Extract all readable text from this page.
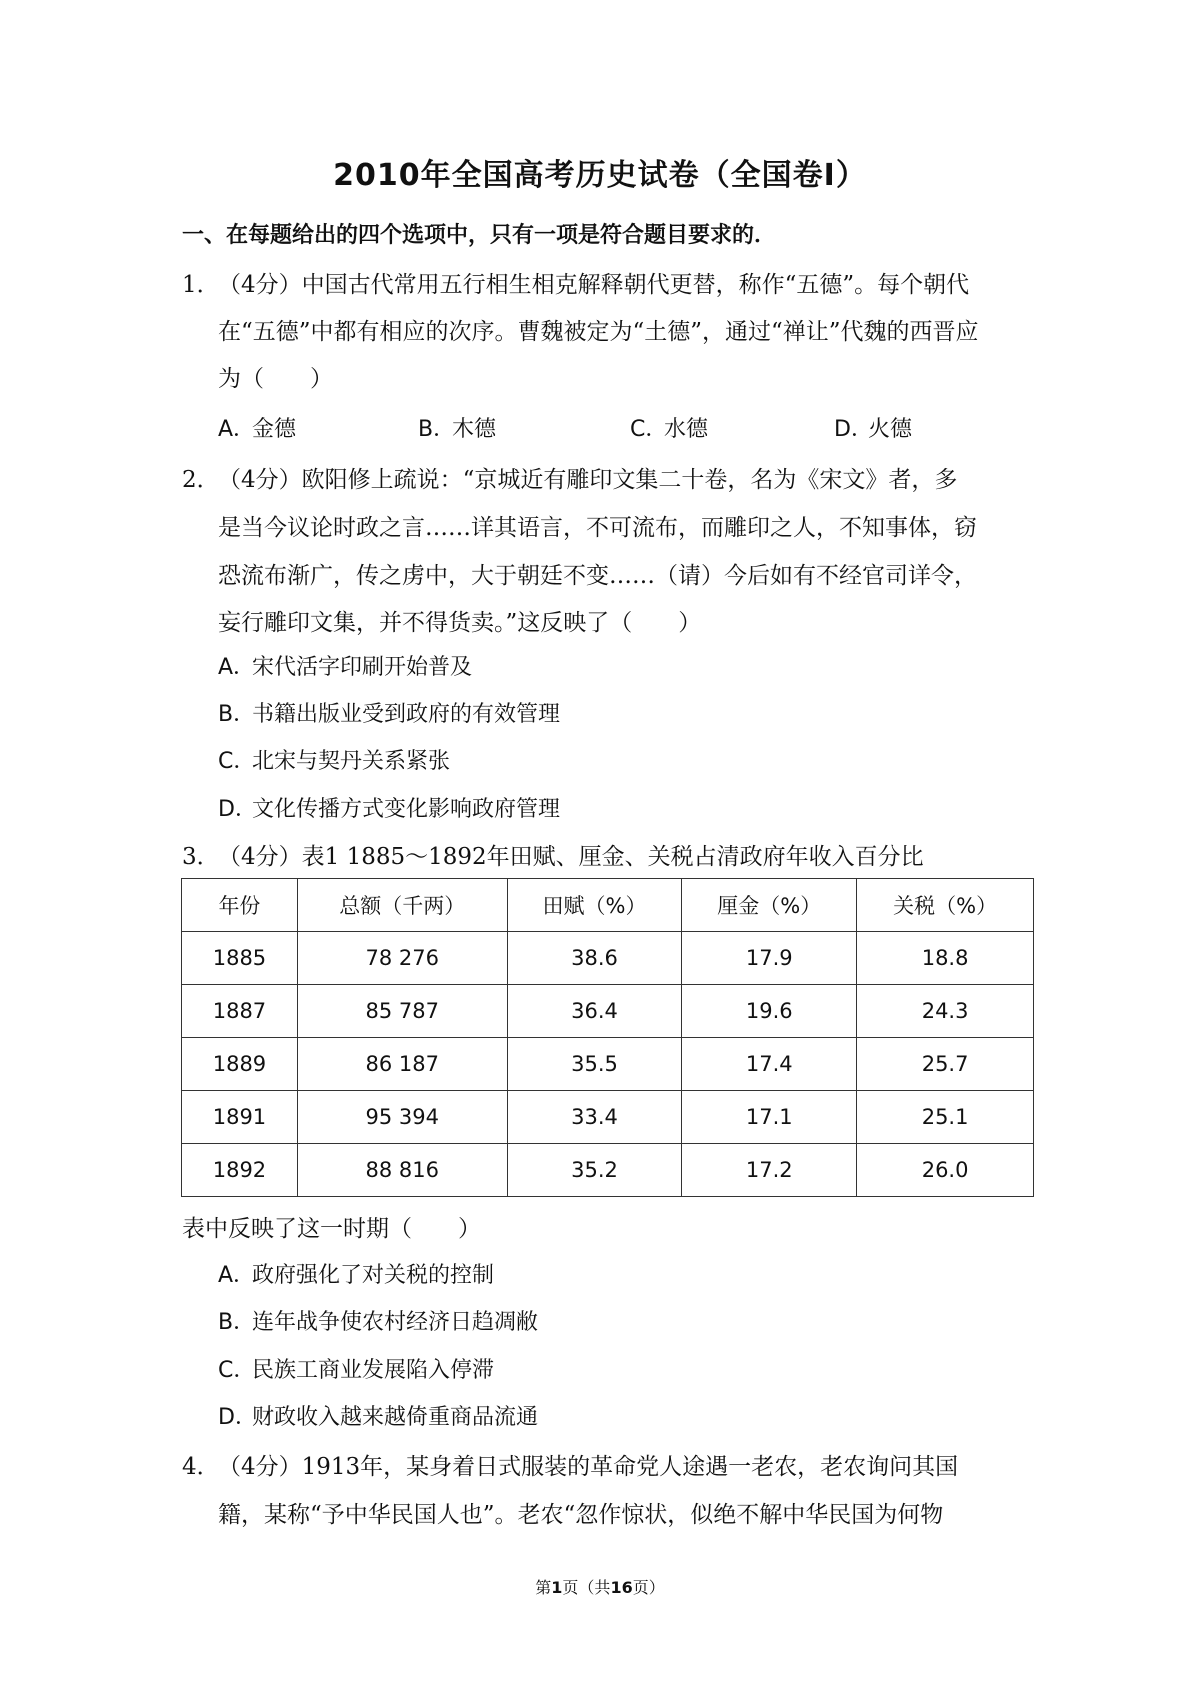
2010年全国高考历史试卷（全国卷Ⅰ）
一、在每题给出的四个选项中，只有一项是符合题目要求的．
1．
（4分）中国古代常用五行相生相克解释朝代更替，称作“五德”。每个朝代
在“五德”中都有相应的次序。曹魏被定为“土德”，通过“禅让”代魏的西晋应
为（　　）
A．金德	B．木德	C．水德	D．火德
2．
（4分）欧阳修上疏说：“京城近有雕印文集二十卷，名为《宋文》者，多
是当今议论时政之言……详其语言，不可流布，而雕印之人，不知事体，窃
恐流布渐广，传之虏中，大于朝廷不变……（请）今后如有不经官司详令，
妄行雕印文集，并不得货卖。”这反映了（　　）
A．宋代活字印刷开始普及
B．书籍出版业受到政府的有效管理
C．北宋与契丹关系紧张
D．文化传播方式变化影响政府管理
3．
（4分）表1 1885～1892年田赋、厘金、关税占清政府年收入百分比
年份	总额（千两）	田赋（%）	厘金（%）	关税（%）
1885	78 276	38.6	17.9	18.8
1887	85 787	36.4	19.6	24.3
1889	86 187	35.5	17.4	25.7
1891	95 394	33.4	17.1	25.1
1892	88 816	35.2	17.2	26.0
表中反映了这一时期（　　）
A．政府强化了对关税的控制
B．连年战争使农村经济日趋凋敝
C．民族工商业发展陷入停滞
D．财政收入越来越倚重商品流通
4．
（4分）1913年，某身着日式服装的革命党人途遇一老农，老农询问其国
籍，某称“予中华民国人也”。老农“忽作惊状，似绝不解中华民国为何物
第1页（共16页）
